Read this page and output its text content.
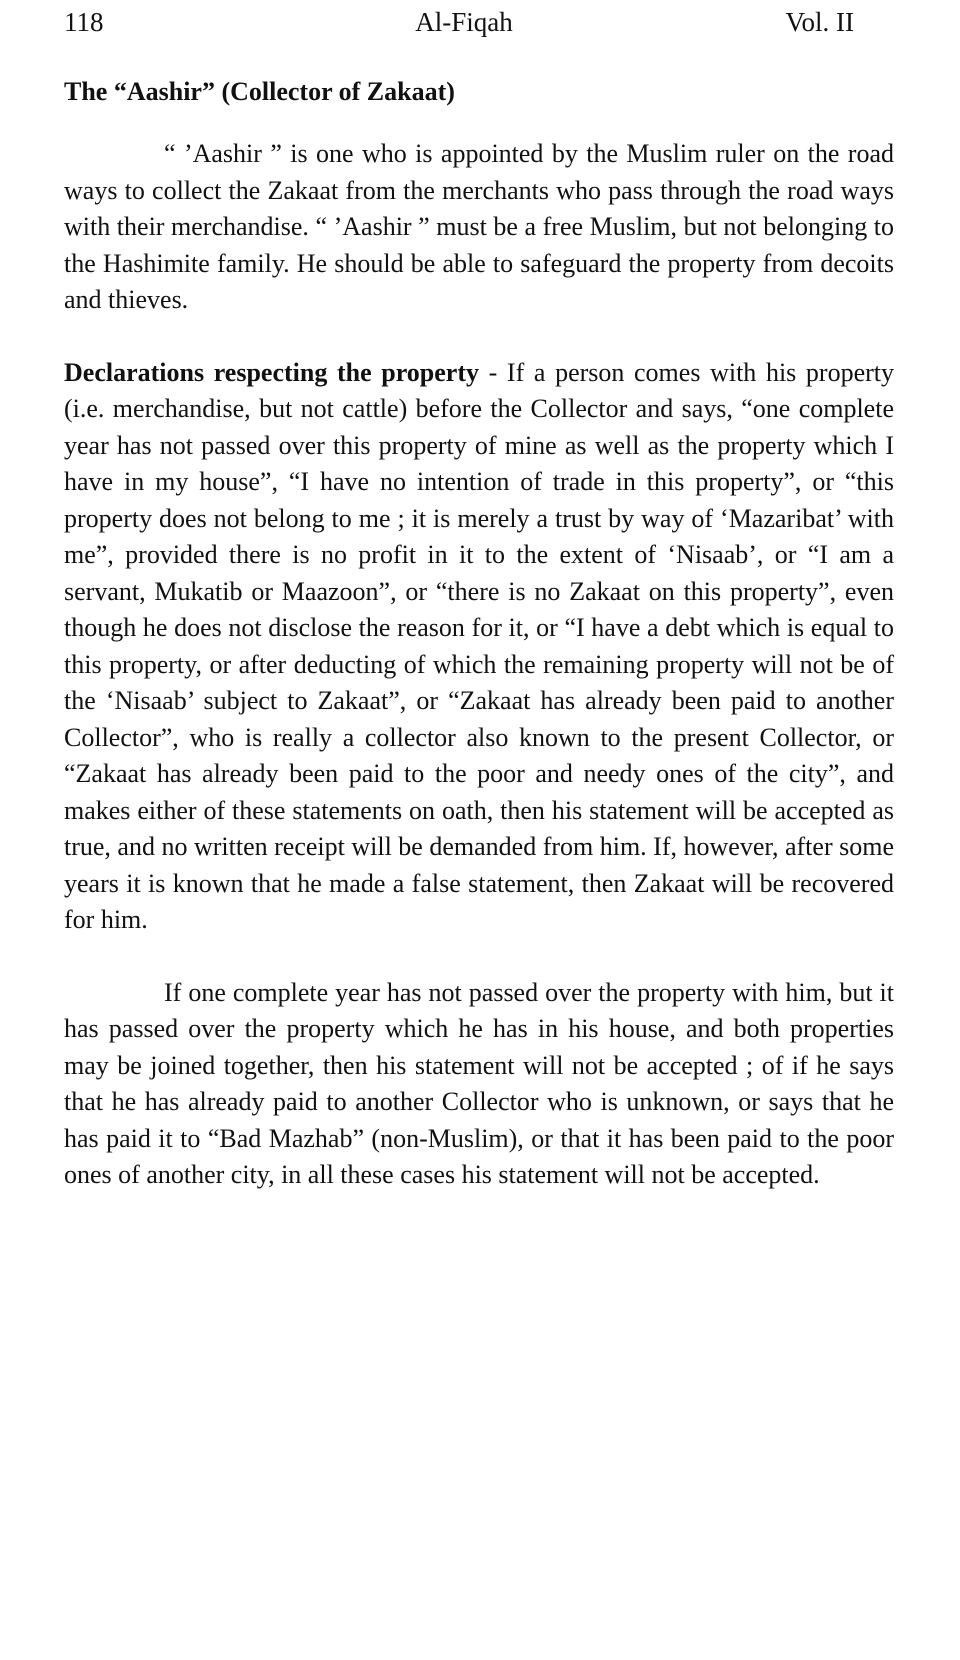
118	Al-Fiqah	Vol. II
The “Aashir” (Collector of Zakaat)

“ ’Aashir ” is one who is appointed by the Muslim ruler on the road ways to collect the Zakaat from the merchants who pass through the road ways with their merchandise. “ ’Aashir ” must be a free Muslim, but not belonging to the Hashimite family. He should be able to safeguard the property from decoits and thieves.

Declarations respecting the property - If a person comes with his property (i.e. merchandise, but not cattle) before the Collector and says, “one complete year has not passed over this property of mine as well as the property which I have in my house”, “I have no intention of trade in this property”, or “this property does not belong to me ; it is merely a trust by way of ‘Mazaribat’ with me”, provided there is no profit in it to the extent of ‘Nisaab’, or “I am a servant, Mukatib or Maazoon”, or “there is no Zakaat on this property”, even though he does not disclose the reason for it, or “I have a debt which is equal to this property, or after deducting of which the remaining property will not be of the ‘Nisaab’ subject to Zakaat”, or “Zakaat has already been paid to another Collector”, who is really a collector also known to the present Collector, or “Zakaat has already been paid to the poor and needy ones of the city”, and makes either of these statements on oath, then his statement will be accepted as true, and no written receipt will be demanded from him. If, however, after some years it is known that he made a false statement, then Zakaat will be recovered for him.

If one complete year has not passed over the property with him, but it has passed over the property which he has in his house, and both properties may be joined together, then his statement will not be accepted ; of if he says that he has already paid to another Collector who is unknown, or says that he has paid it to “Bad Mazhab” (non-Muslim), or that it has been paid to the poor ones of another city, in all these cases his statement will not be accepted.
